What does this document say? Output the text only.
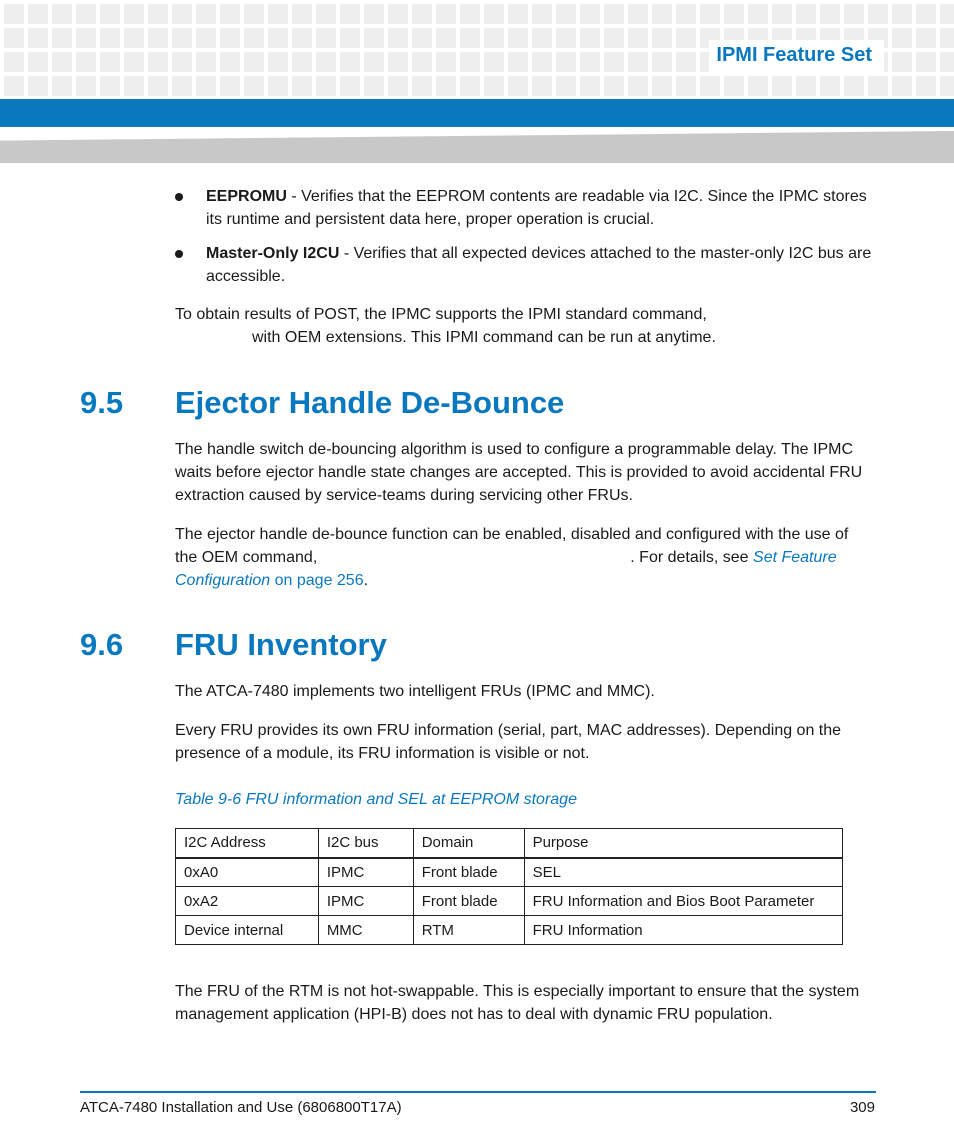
IPMI Feature Set
EEPROMU - Verifies that the EEPROM contents are readable via I2C. Since the IPMC stores its runtime and persistent data here, proper operation is crucial.
Master-Only I2CU - Verifies that all expected devices attached to the master-only I2C bus are accessible.
To obtain results of POST, the IPMC supports the IPMI standard command,
with OEM extensions. This IPMI command can be run at anytime.
9.5 Ejector Handle De-Bounce
The handle switch de-bouncing algorithm is used to configure a programmable delay. The IPMC waits before ejector handle state changes are accepted. This is provided to avoid accidental FRU extraction caused by service-teams during servicing other FRUs.
The ejector handle de-bounce function can be enabled, disabled and configured with the use of the OEM command,	. For details, see Set Feature Configuration on page 256.
9.6 FRU Inventory
The ATCA-7480 implements two intelligent FRUs (IPMC and MMC).
Every FRU provides its own FRU information (serial, part, MAC addresses). Depending on the presence of a module, its FRU information is visible or not.
Table 9-6 FRU information and SEL at EEPROM storage
I2C Address	I2C bus	Domain	Purpose
0xA0	IPMC	Front blade	SEL
0xA2	IPMC	Front blade	FRU Information and Bios Boot Parameter
Device internal	MMC	RTM	FRU Information
The FRU of the RTM is not hot-swappable. This is especially important to ensure that the system management application (HPI-B) does not has to deal with dynamic FRU population.
ATCA-7480 Installation and Use (6806800T17A)	309
